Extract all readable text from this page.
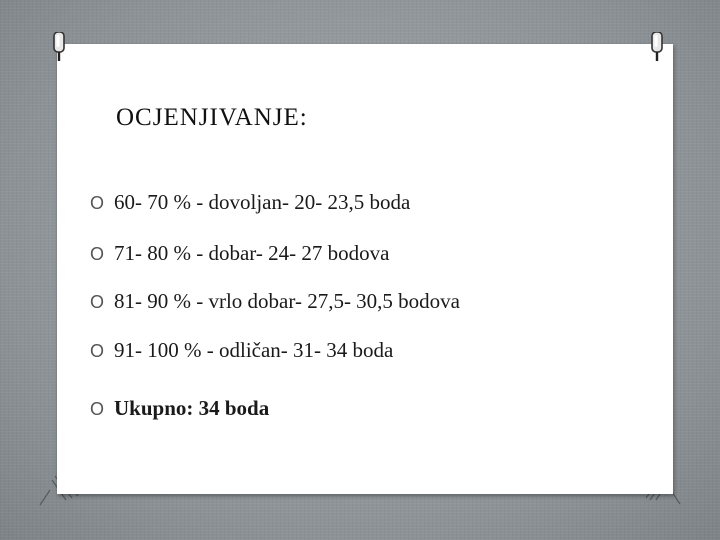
OCJENJIVANJE:
O 60- 70 % - dovoljan- 20- 23,5 boda
O 71- 80 % - dobar- 24- 27 bodova
O 81- 90 % - vrlo dobar- 27,5- 30,5 bodova
O 91- 100 % - odličan- 31- 34 boda
O Ukupno: 34 boda
